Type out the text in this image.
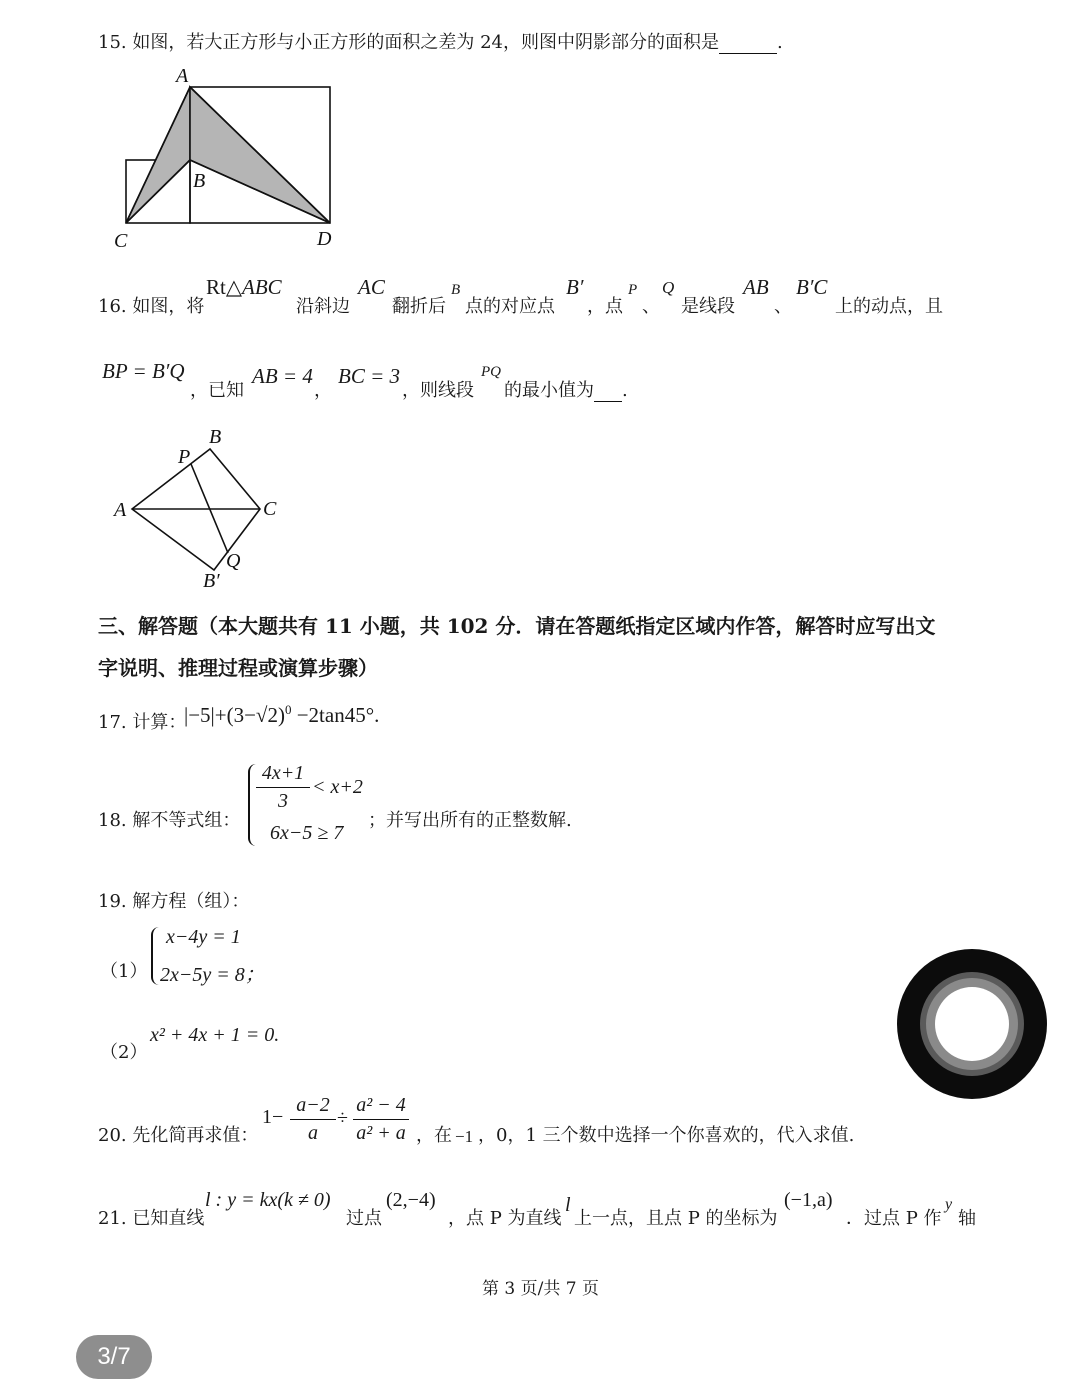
15. 如图，若大正方形与小正方形的面积之差为 24，则图中阴影部分的面积是	.
A
B
C	D
16. 如图，将
Rt△ABC
沿斜边
AC
翻折后
B
点的对应点
B′
，点
P
、
Q
是线段
AB
、
B′C
上的动点，且
BP = B′Q
，已知
AB = 4
，
BC = 3
，则线段
PQ
的最小值为 .
B
P
A	C
Q
B′
三、解答题（本大题共有 11 小题，共 102 分．请在答题纸指定区域内作答，解答时应写出文
字说明、推理过程或演算步骤）
17. 计算：
$|-5|+(3-√2)^0 -2\tan 45^\circ$.
18. 解不等式组：
4x+1
3
< x+2
6x−5 ≥ 7
；并写出所有的正整数解.
19. 解方程（组）：
（1）
x−4y = 1
2x−5y = 8；
（2）
x² + 4x + 1 = 0.
20. 先化简再求值：
1−
a−2
a
÷
a² − 4
a² + a ，在 −1 ，0，1 三个数中选择一个你喜欢的，代入求值.
21. 已知直线
l : y = kx(k ≠ 0)
过点
(2,−4)
，点 P 为直线
l
上一点，且点 P 的坐标为
(−1,a)
．过点 P 作
y
轴
第 3 页/共 7 页
3/7
